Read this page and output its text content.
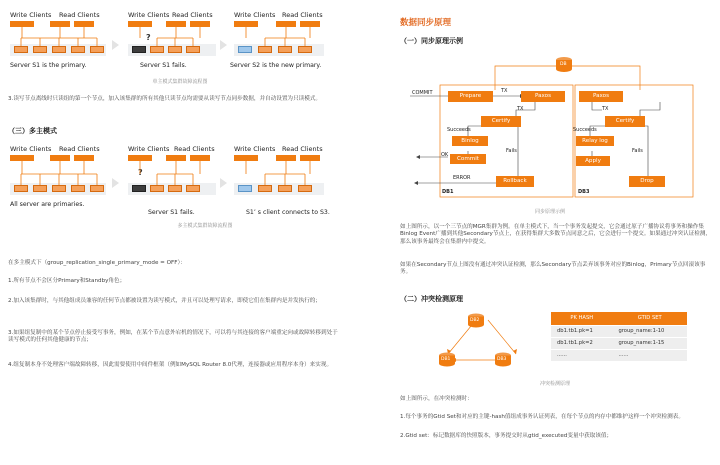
Write Clients Read Clients
Server S1 is the primary.
Write Clients Read Clients
?
Server S1 fails.
Write Clients Read Clients
Server S2 is the new primary.
单主模式集群故障流程图
3.读写节点离线时只读组的第一个节点，加入该集群的所有其他只读节点均需要从读写节点同步数据，并自动设置为只读模式。
（三）多主模式
Write Clients Read Clients
All server are primaries.
Write Clients Read Clients
?
Server S1 fails.
Write Clients Read Clients
S1’ s client connects to S3.
多主模式集群故障流程图
在多主模式下（group_replication_single_primary_mode = OFF）：
1.所有节点不会区分Primary和Standby角色；
2.加入该集群时，与其他组成员兼容的任何节点都被设置为读写模式，并且可以处理写请求，即使它们在集群内是并发执行的；
3.如果组复制中的某个节点停止接受写事务，例如，在某个节点意外宕机的情况下，可以将与其连接的客户端重定向或故障转移到处于读写模式的任何其他健康的节点；
4.组复制本身不处理客户端故障转移，因此需要使用中间件框架（例如MySQL Router 8.0代理，连接器或应用程序本身）来实现。
数据同步原理
（一）同步原理示例
DB
COMMIT	Prepare
TX
Paxos
TX
Certify
Succeeds
Binlog
OK
Commit
Fails
ERROR	Rollback
DB1
Paxos
TX
Certify
Succeeds
Relay log
Fails
Apply
Drop
DB3
同步原理示例
如上图所示，以一个三节点的MGR集群为例。在单主模式下，当一个事务发起提交，它会通过原子广播协议将事务和操作集Binlog Event广播到其他Secondary节点上，在获得集群大多数节点同意之后，它会进行一个提交。如果通过冲突认证检测，那么该事务最终会在集群内中提交。
如果在Secondary节点上图没有通过冲突认证检测，那么Secondary节点丢弃该事务对应的Binlog，Primary节点回滚该事务。
（二）冲突检测原理
DB2
DB1	DB3
PK HASH	GTID SET
db1.tb1.pk=1	group_name:1-10
db1.tb1.pk=2	group_name:1-15
......	......
冲突检测原理
如上图所示，在冲突检测时：
1.每个事务的Gtid Set和对应的主键-hash值组成事务认证列表，在每个节点的内存中都维护这样一个冲突检测表。
2.Gtid set：标记数据库的快照版本，事务提交时从gtid_executed变量中获取该值；
